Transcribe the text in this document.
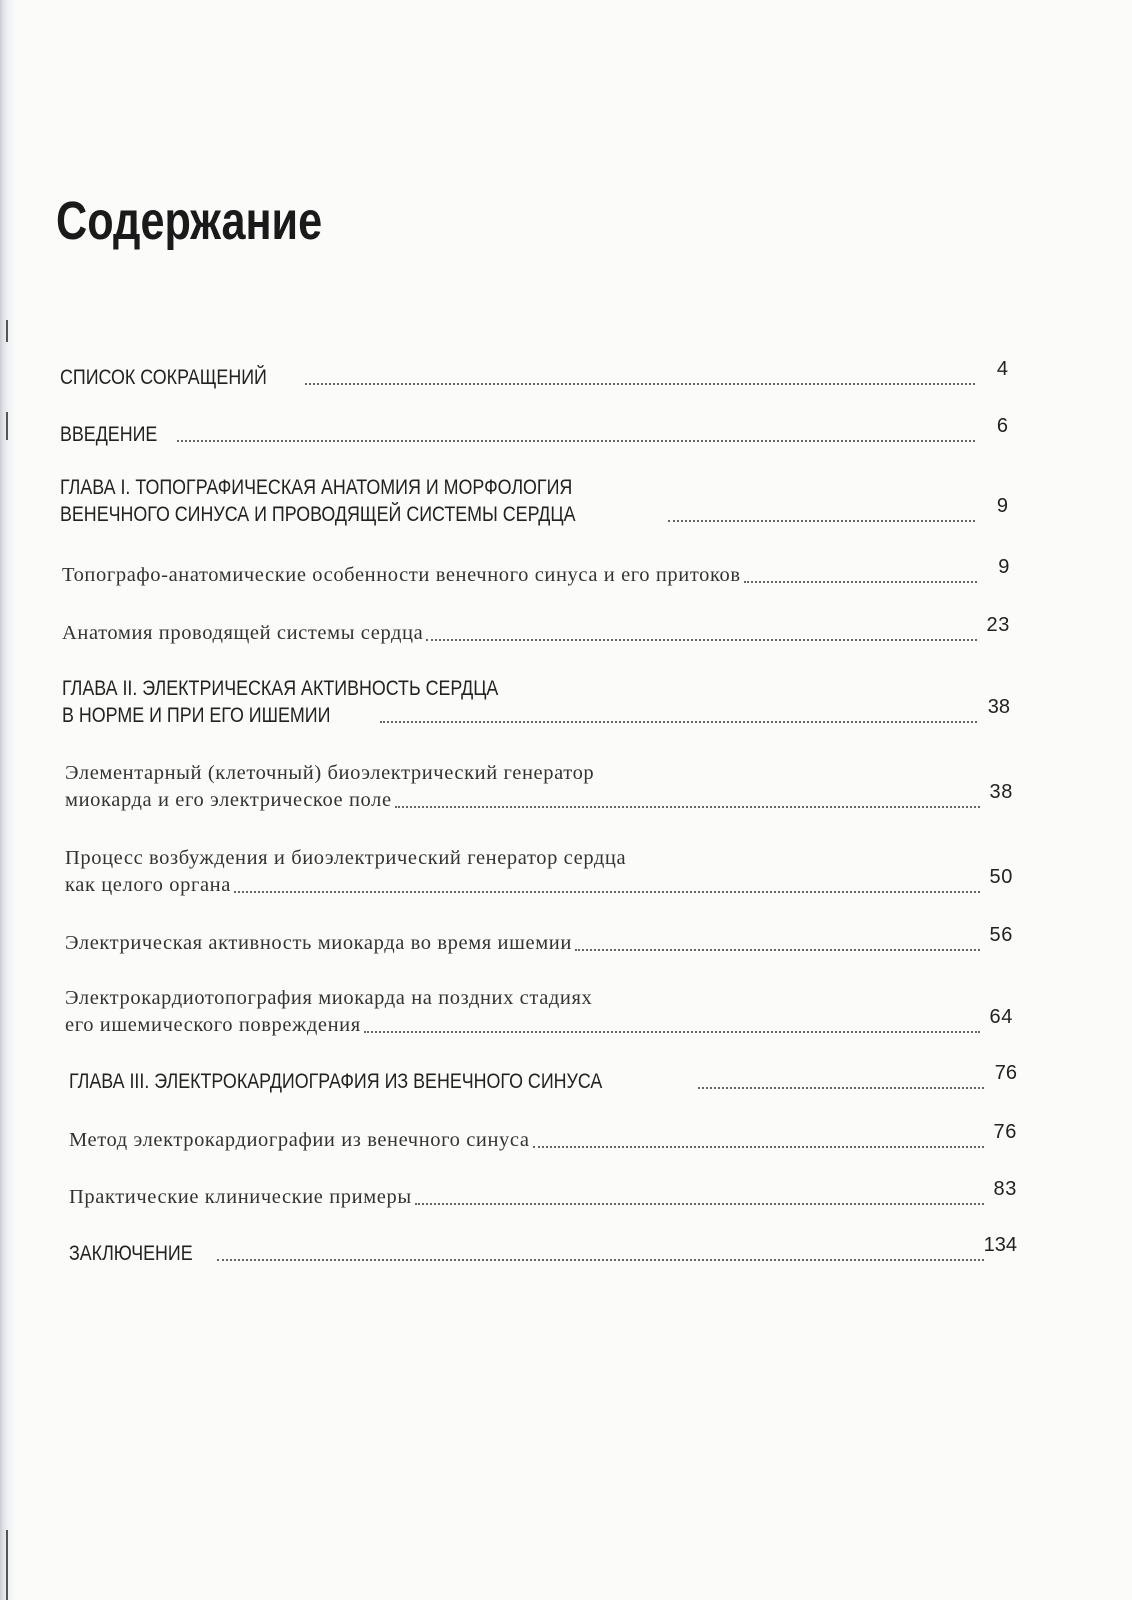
Содержание
СПИСОК СОКРАЩЕНИЙ	4
ВВЕДЕНИЕ	6
ГЛАВА I. ТОПОГРАФИЧЕСКАЯ АНАТОМИЯ И МОРФОЛОГИЯ
ВЕНЕЧНОГО СИНУСА И ПРОВОДЯЩЕЙ СИСТЕМЫ СЕРДЦА	9
Топографо-анатомические особенности венечного синуса и его притоков	9
Анатомия проводящей системы сердца	23
ГЛАВА II. ЭЛЕКТРИЧЕСКАЯ АКТИВНОСТЬ СЕРДЦА
В НОРМЕ И ПРИ ЕГО ИШЕМИИ	38
Элементарный (клеточный) биоэлектрический генератор
миокарда и его электрическое поле	38
Процесс возбуждения и биоэлектрический генератор сердца
как целого органа	50
Электрическая активность миокарда во время ишемии	56
Электрокардиотопография миокарда на поздних стадиях
его ишемического повреждения	64
ГЛАВА III. ЭЛЕКТРОКАРДИОГРАФИЯ ИЗ ВЕНЕЧНОГО СИНУСА	76
Метод электрокардиографии из венечного синуса	76
Практические клинические примеры	83
ЗАКЛЮЧЕНИЕ	134
